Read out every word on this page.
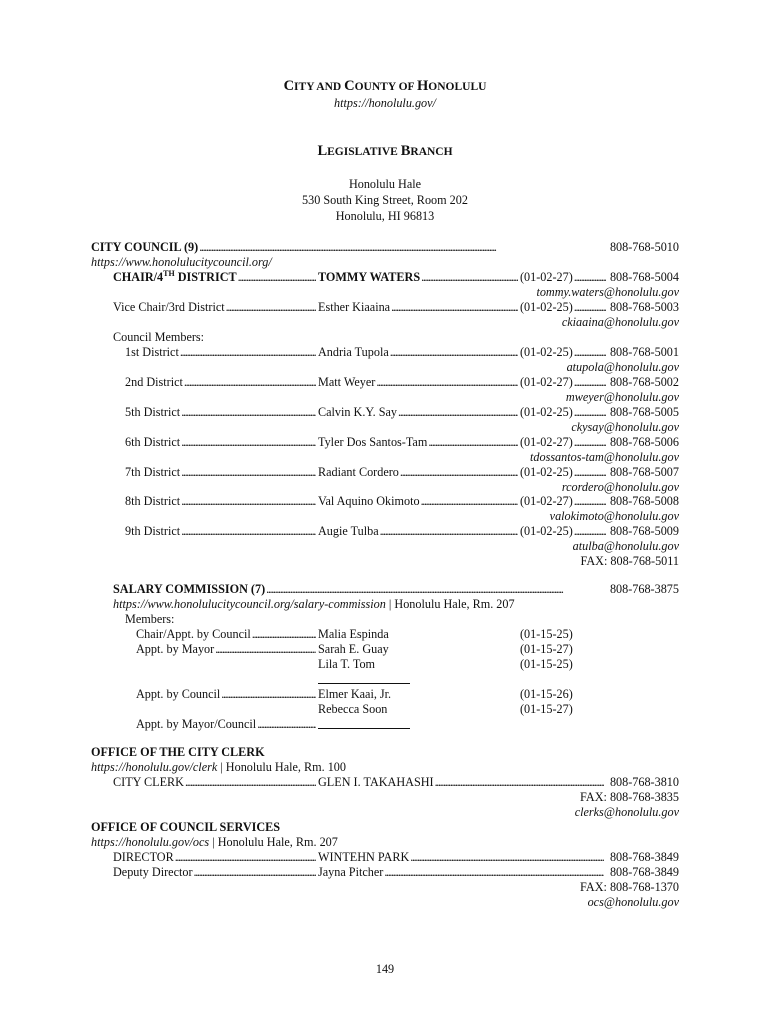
CITY AND COUNTY OF HONOLULU
https://honolulu.gov/
LEGISLATIVE BRANCH
Honolulu Hale
530 South King Street, Room 202
Honolulu, HI 96813
CITY COUNCIL (9) . . .	808-768-5010
https://www.honolulucitycouncil.org/
CHAIR/4TH DISTRICT . . .	TOMMY WATERS . . .	(01-02-27) . . .	808-768-5004
tommy.waters@honolulu.gov
Vice Chair/3rd District . . .	Esther Kiaaina . . .	(01-02-25) . . .	808-768-5003
ckiaaina@honolulu.gov
Council Members:
1st District . . .	Andria Tupola . . .	(01-02-25) . . .	808-768-5001
atupola@honolulu.gov
2nd District . . .	Matt Weyer . . .	(01-02-27) . . .	808-768-5002
mweyer@honolulu.gov
5th District . . .	Calvin K.Y. Say . . .	(01-02-25) . . .	808-768-5005
ckysay@honolulu.gov
6th District . . .	Tyler Dos Santos-Tam . . .	(01-02-27) . . .	808-768-5006
tdossantos-tam@honolulu.gov
7th District . . .	Radiant Cordero . . .	(01-02-25) . . .	808-768-5007
rcordero@honolulu.gov
8th District . . .	Val Aquino Okimoto . . .	(01-02-27) . . .	808-768-5008
valokimoto@honolulu.gov
9th District . . .	Augie Tulba . . .	(01-02-25) . . .	808-768-5009
atulba@honolulu.gov
FAX: 808-768-5011
SALARY COMMISSION (7) . . .	808-768-3875
https://www.honolulucitycouncil.org/salary-commission | Honolulu Hale, Rm. 207
Members:
Chair/Appt. by Council . . .	Malia Espinda	(01-15-25)
Appt. by Mayor . . .	Sarah E. Guay	(01-15-27)
Lila T. Tom	(01-15-25)
Appt. by Council . . .	Elmer Kaai, Jr.	(01-15-26)
Rebecca Soon	(01-15-27)
Appt. by Mayor/Council . . .
OFFICE OF THE CITY CLERK
https://honolulu.gov/clerk | Honolulu Hale, Rm. 100
CITY CLERK . . .	GLEN I. TAKAHASHI . . .	808-768-3810
FAX: 808-768-3835
clerks@honolulu.gov
OFFICE OF COUNCIL SERVICES
https://honolulu.gov/ocs | Honolulu Hale, Rm. 207
DIRECTOR . . .	WINTEHN PARK . . .	808-768-3849
Deputy Director . . .	Jayna Pitcher . . .	808-768-3849
FAX: 808-768-1370
ocs@honolulu.gov
149
